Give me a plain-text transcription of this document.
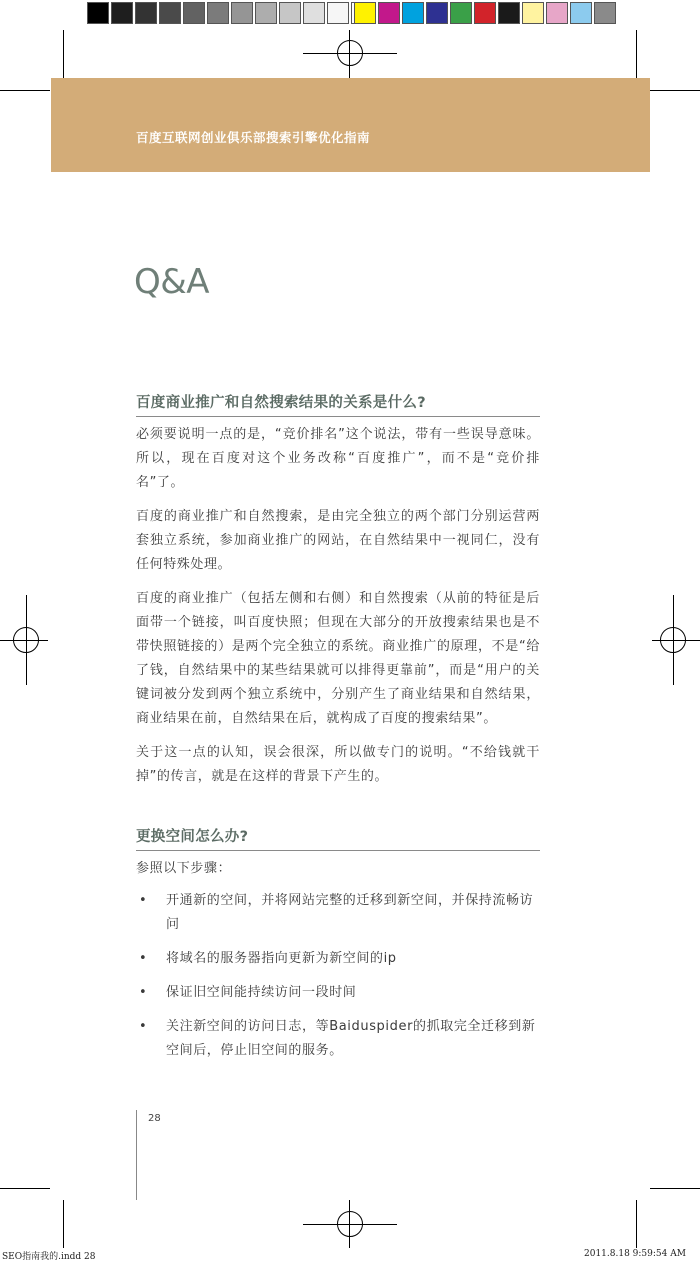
百度互联网创业俱乐部搜索引擎优化指南
Q&A
百度商业推广和自然搜索结果的关系是什么?

必须要说明一点的是，“竞价排名”这个说法，带有一些误导意味。所以，现在百度对这个业务改称“百度推广”，而不是“竞价排名”了。

百度的商业推广和自然搜索，是由完全独立的两个部门分别运营两套独立系统，参加商业推广的网站，在自然结果中一视同仁，没有任何特殊处理。

百度的商业推广（包括左侧和右侧）和自然搜索（从前的特征是后面带一个链接，叫百度快照；但现在大部分的开放搜索结果也是不带快照链接的）是两个完全独立的系统。商业推广的原理，不是“给了钱，自然结果中的某些结果就可以排得更靠前”，而是“用户的关键词被分发到两个独立系统中，分别产生了商业结果和自然结果，商业结果在前，自然结果在后，就构成了百度的搜索结果”。

关于这一点的认知，误会很深，所以做专门的说明。“不给钱就干掉”的传言，就是在这样的背景下产生的。

更换空间怎么办?

参照以下步骤：

• 开通新的空间，并将网站完整的迁移到新空间，并保持流畅访问
• 将域名的服务器指向更新为新空间的ip
• 保证旧空间能持续访问一段时间
• 关注新空间的访问日志，等Baiduspider的抓取完全迁移到新空间后，停止旧空间的服务。
28
SEO指南我的.indd 28	2011.8.18 9:59:54 AM
